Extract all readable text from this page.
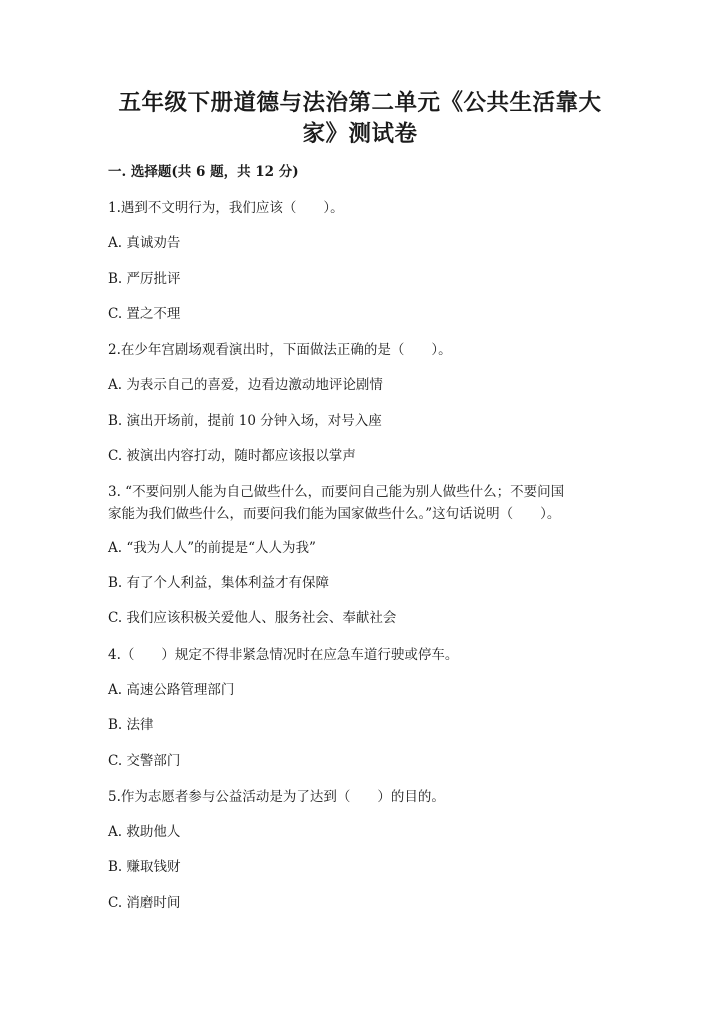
五年级下册道德与法治第二单元《公共生活靠大
家》测试卷
一. 选择题(共 6 题，共 12 分)
1.遇到不文明行为，我们应该（　　）。
A. 真诚劝告
B. 严厉批评
C. 置之不理
2.在少年宫剧场观看演出时，下面做法正确的是（　　）。
A. 为表示自己的喜爱，边看边激动地评论剧情
B. 演出开场前，提前 10 分钟入场，对号入座
C. 被演出内容打动，随时都应该报以掌声
3. “不要问别人能为自己做些什么，而要问自己能为别人做些什么；不要问国
家能为我们做些什么，而要问我们能为国家做些什么。”这句话说明（　　）。
A. “我为人人”的前提是“人人为我”
B. 有了个人利益，集体利益才有保障
C. 我们应该积极关爱他人、服务社会、奉献社会
4.（　　）规定不得非紧急情况时在应急车道行驶或停车。
A. 高速公路管理部门
B. 法律
C. 交警部门
5.作为志愿者参与公益活动是为了达到（　　）的目的。
A. 救助他人
B. 赚取钱财
C. 消磨时间
